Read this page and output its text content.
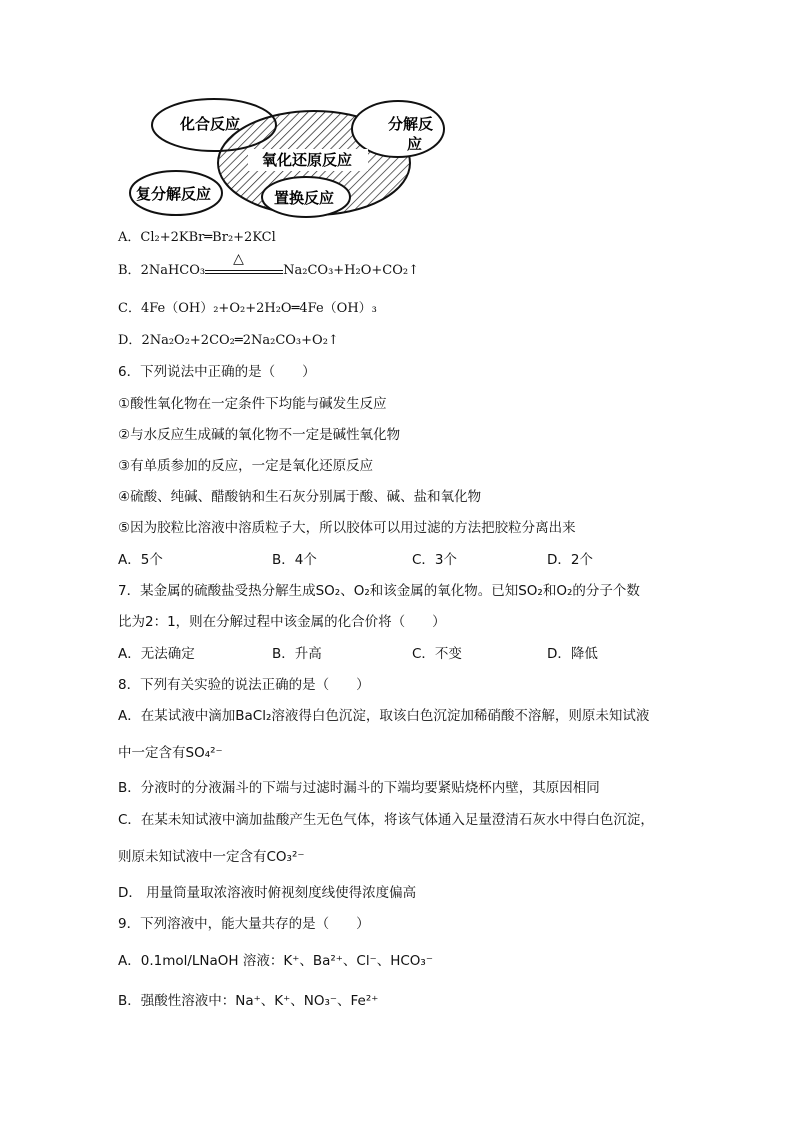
化合反应	分解反
应
氧化还原反应
复分解反应	置换反应
A．Cl₂+2KBr═Br₂+2KCl
B．2NaHCO₃
△
Na₂CO₃+H₂O+CO₂↑
C．4Fe（OH）₂+O₂+2H₂O═4Fe（OH）₃
D．2Na₂O₂+2CO₂═2Na₂CO₃+O₂↑
6．下列说法中正确的是（　　）
①酸性氧化物在一定条件下均能与碱发生反应
②与水反应生成碱的氧化物不一定是碱性氧化物
③有单质参加的反应，一定是氧化还原反应
④硫酸、纯碱、醋酸钠和生石灰分别属于酸、碱、盐和氧化物
⑤因为胶粒比溶液中溶质粒子大，所以胶体可以用过滤的方法把胶粒分离出来
A．5个	B．4个	C．3个	D．2个
7．某金属的硫酸盐受热分解生成SO₂、O₂和该金属的氧化物。已知SO₂和O₂的分子个数
比为2：1，则在分解过程中该金属的化合价将（　　）
A．无法确定	B．升高	C．不变	D．降低
8．下列有关实验的说法正确的是（　　）
A．在某试液中滴加BaCl₂溶液得白色沉淀，取该白色沉淀加稀硝酸不溶解，则原未知试液
中一定含有SO₄²⁻
B．分液时的分液漏斗的下端与过滤时漏斗的下端均要紧贴烧杯内壁，其原因相同
C．在某未知试液中滴加盐酸产生无色气体，将该气体通入足量澄清石灰水中得白色沉淀，
则原未知试液中一定含有CO₃²⁻
D． 用量筒量取浓溶液时俯视刻度线使得浓度偏高
9．下列溶液中，能大量共存的是（　　）
A．0.1mol/LNaOH 溶液：K⁺、Ba²⁺、Cl⁻、HCO₃⁻
B．强酸性溶液中：Na⁺、K⁺、NO₃⁻、Fe²⁺
